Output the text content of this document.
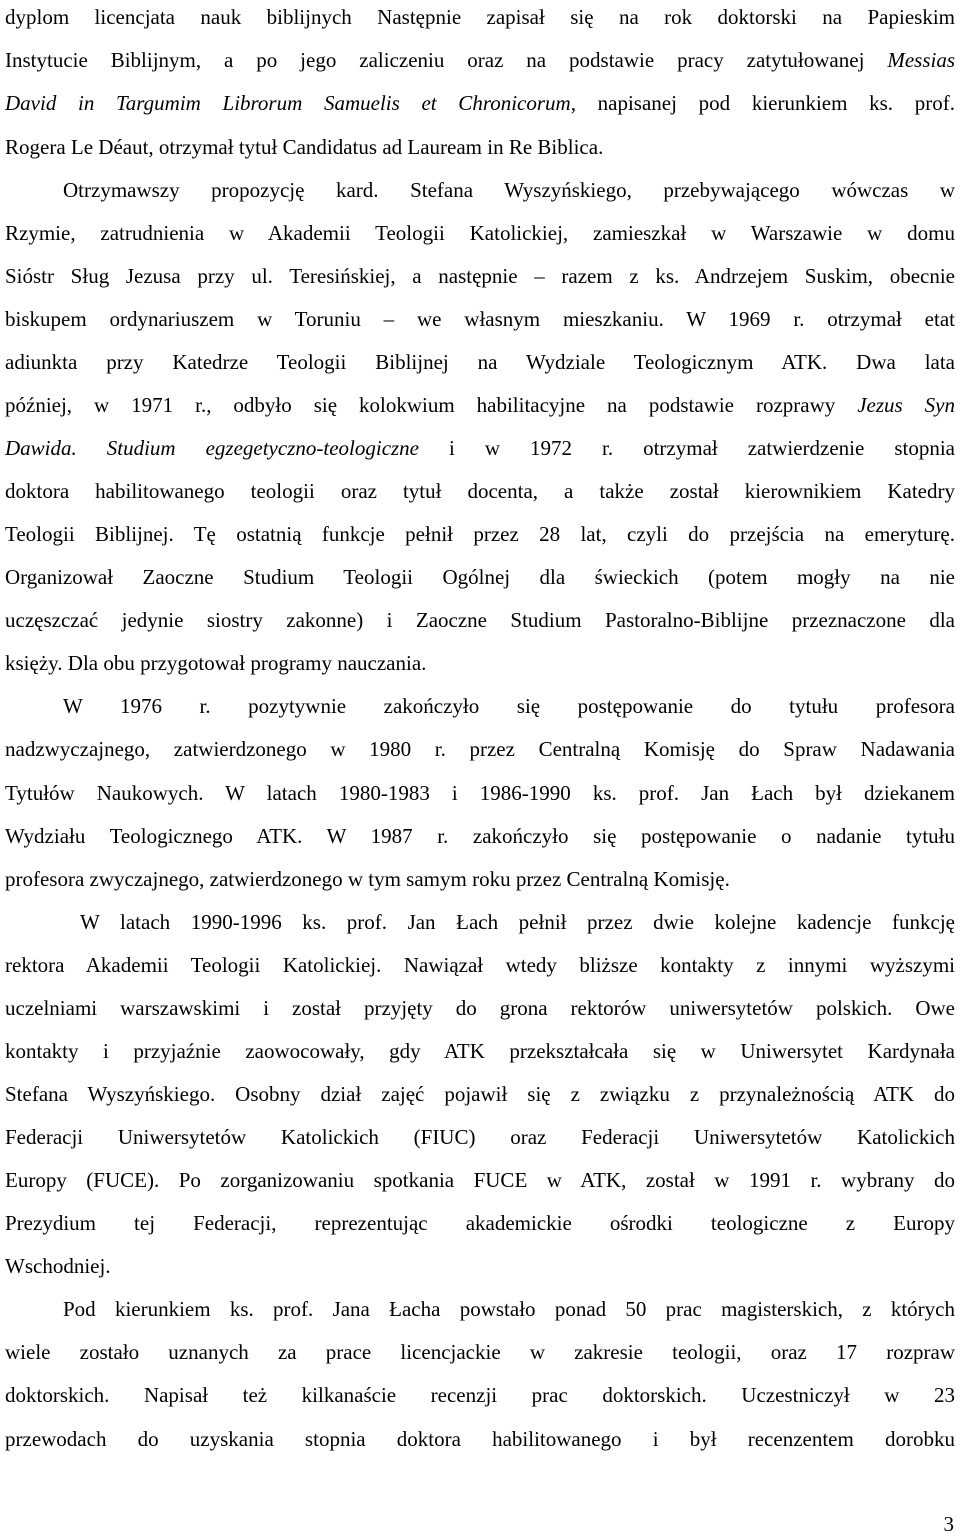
dyplom licencjata nauk biblijnych Następnie zapisał się na rok doktorski na Papieskim
Instytucie Biblijnym, a po jego zaliczeniu oraz na podstawie pracy zatytułowanej Messias
David in Targumim Librorum Samuelis et Chronicorum, napisanej pod kierunkiem ks. prof.
Rogera Le Déaut, otrzymał tytuł Candidatus ad Lauream in Re Biblica.
Otrzymawszy propozycję kard. Stefana Wyszyńskiego, przebywającego wówczas w
Rzymie, zatrudnienia w Akademii Teologii Katolickiej, zamieszkał w Warszawie w domu
Sióstr Sług Jezusa przy ul. Teresińskiej, a następnie – razem z ks. Andrzejem Suskim, obecnie
biskupem ordynariuszem w Toruniu – we własnym mieszkaniu. W 1969 r. otrzymał etat
adiunkta przy Katedrze Teologii Biblijnej na Wydziale Teologicznym ATK. Dwa lata
później, w 1971 r., odbyło się kolokwium habilitacyjne na podstawie rozprawy Jezus Syn
Dawida. Studium egzegetyczno-teologiczne i w 1972 r. otrzymał zatwierdzenie stopnia
doktora habilitowanego teologii oraz tytuł docenta, a także został kierownikiem Katedry
Teologii Biblijnej. Tę ostatnią funkcje pełnił przez 28 lat, czyli do przejścia na emeryturę.
Organizował Zaoczne Studium Teologii Ogólnej dla świeckich (potem mogły na nie
uczęszczać jedynie siostry zakonne) i Zaoczne Studium Pastoralno-Biblijne przeznaczone dla
księży. Dla obu przygotował programy nauczania.
W 1976 r. pozytywnie zakończyło się postępowanie do tytułu profesora
nadzwyczajnego, zatwierdzonego w 1980 r. przez Centralną Komisję do Spraw Nadawania
Tytułów Naukowych. W latach 1980-1983 i 1986-1990 ks. prof. Jan Łach był dziekanem
Wydziału Teologicznego ATK. W 1987 r. zakończyło się postępowanie o nadanie tytułu
profesora zwyczajnego, zatwierdzonego w tym samym roku przez Centralną Komisję.
W latach 1990-1996 ks. prof. Jan Łach pełnił przez dwie kolejne kadencje funkcję
rektora Akademii Teologii Katolickiej. Nawiązał wtedy bliższe kontakty z innymi wyższymi
uczelniami warszawskimi i został przyjęty do grona rektorów uniwersytetów polskich. Owe
kontakty i przyjaźnie zaowocowały, gdy ATK przekształcała się w Uniwersytet Kardynała
Stefana Wyszyńskiego. Osobny dział zajęć pojawił się z związku z przynależnością ATK do
Federacji Uniwersytetów Katolickich (FIUC) oraz Federacji Uniwersytetów Katolickich
Europy (FUCE). Po zorganizowaniu spotkania FUCE w ATK, został w 1991 r. wybrany do
Prezydium tej Federacji, reprezentując akademickie ośrodki teologiczne z Europy
Wschodniej.
Pod kierunkiem ks. prof. Jana Łacha powstało ponad 50 prac magisterskich, z których
wiele zostało uznanych za prace licencjackie w zakresie teologii, oraz 17 rozpraw
doktorskich. Napisał też kilkanaście recenzji prac doktorskich. Uczestniczył w 23
przewodach do uzyskania stopnia doktora habilitowanego i był recenzentem dorobku
3
